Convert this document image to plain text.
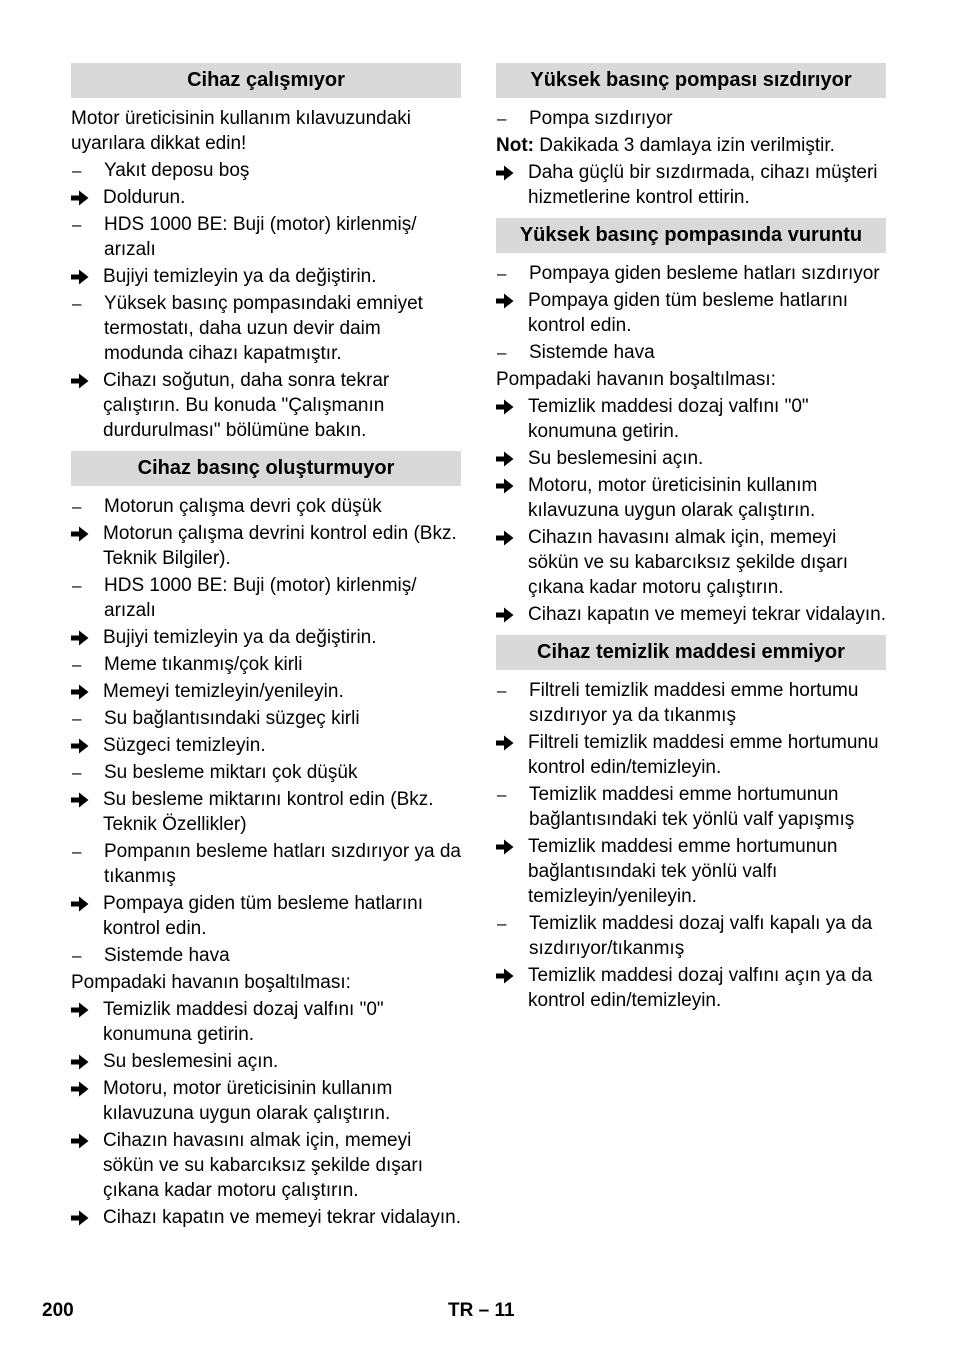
Cihaz çalışmıyor
Motor üreticisinin kullanım kılavuzundaki uyarılara dikkat edin!
–	Yakıt deposu boş
Doldurun.
–	HDS 1000 BE: Buji (motor) kirlenmiş/ arızalı
Bujiyi temizleyin ya da değiştirin.
–	Yüksek basınç pompasındaki emniyet termostatı, daha uzun devir daim modunda cihazı kapatmıştır.
Cihazı soğutun, daha sonra tekrar çalıştırın. Bu konuda "Çalışmanın durdurulması" bölümüne bakın.
Cihaz basınç oluşturmuyor
–	Motorun çalışma devri çok düşük
Motorun çalışma devrini kontrol edin (Bkz. Teknik Bilgiler).
–	HDS 1000 BE: Buji (motor) kirlenmiş/ arızalı
Bujiyi temizleyin ya da değiştirin.
–	Meme tıkanmış/çok kirli
Memeyi temizleyin/yenileyin.
–	Su bağlantısındaki süzgeç kirli
Süzgeci temizleyin.
–	Su besleme miktarı çok düşük
Su besleme miktarını kontrol edin (Bkz. Teknik Özellikler)
–	Pompanın besleme hatları sızdırıyor ya da tıkanmış
Pompaya giden tüm besleme hatlarını kontrol edin.
–	Sistemde hava
Pompadaki havanın boşaltılması:
Temizlik maddesi dozaj valfını "0" konumuna getirin.
Su beslemesini açın.
Motoru, motor üreticisinin kullanım kılavuzuna uygun olarak çalıştırın.
Cihazın havasını almak için, memeyi sökün ve su kabarcıksız şekilde dışarı çıkana kadar motoru çalıştırın.
Cihazı kapatın ve memeyi tekrar vidalayın.
Yüksek basınç pompası sızdırıyor
–	Pompa sızdırıyor
Not: Dakikada 3 damlaya izin verilmiştir.
Daha güçlü bir sızdırmada, cihazı müşteri hizmetlerine kontrol ettirin.
Yüksek basınç pompasında vuruntu
–	Pompaya giden besleme hatları sızdırıyor
Pompaya giden tüm besleme hatlarını kontrol edin.
–	Sistemde hava
Pompadaki havanın boşaltılması:
Temizlik maddesi dozaj valfını "0" konumuna getirin.
Su beslemesini açın.
Motoru, motor üreticisinin kullanım kılavuzuna uygun olarak çalıştırın.
Cihazın havasını almak için, memeyi sökün ve su kabarcıksız şekilde dışarı çıkana kadar motoru çalıştırın.
Cihazı kapatın ve memeyi tekrar vidalayın.
Cihaz temizlik maddesi emmiyor
–	Filtreli temizlik maddesi emme hortumu sızdırıyor ya da tıkanmış
Filtreli temizlik maddesi emme hortumunu kontrol edin/temizleyin.
–	Temizlik maddesi emme hortumunun bağlantısındaki tek yönlü valf yapışmış
Temizlik maddesi emme hortumunun bağlantısındaki tek yönlü valfı temizleyin/yenileyin.
–	Temizlik maddesi dozaj valfı kapalı ya da sızdırıyor/tıkanmış
Temizlik maddesi dozaj valfını açın ya da kontrol edin/temizleyin.
200	TR – 11
